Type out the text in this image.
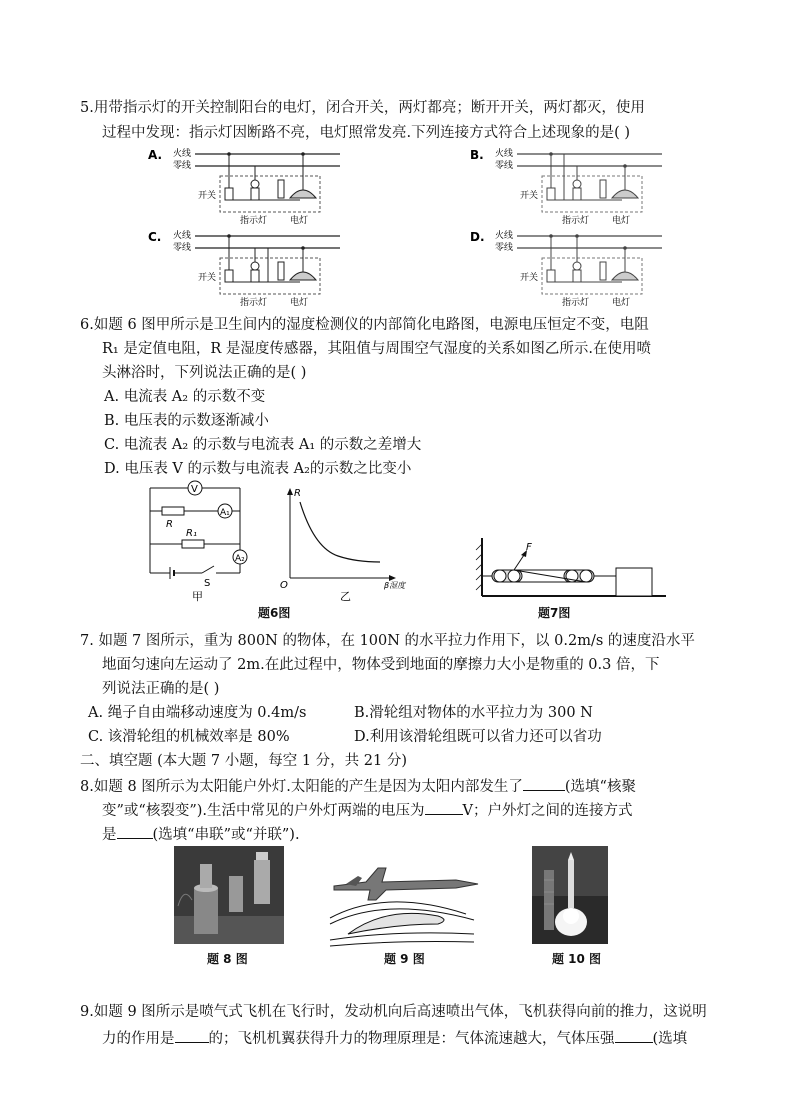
5.用带指示灯的开关控制阳台的电灯，闭合开关，两灯都亮；断开开关，两灯都灭，使用
过程中发现：指示灯因断路不亮，电灯照常发亮.下列连接方式符合上述现象的是( )
A. 火线
零线
开关
指示灯	电灯
B. 火线
零线
开关
指示灯	电灯
C. 火线
零线
开关
指示灯	电灯
D. 火线
零线
开关
指示灯	电灯
6.如题 6 图甲所示是卫生间内的湿度检测仪的内部简化电路图，电源电压恒定不变，电阻
R₁ 是定值电阻，R 是湿度传感器，其阻值与周围空气湿度的关系如图乙所示.在使用喷
头淋浴时，下列说法正确的是( )
A. 电流表 A₂ 的示数不变
B. 电压表的示数逐渐减小
C. 电流表 A₂ 的示数与电流表 A₁ 的示数之差增大
D. 电压表 V 的示数与电流表 A₂的示数之比变小
V
R
A₁
R₁
A₂
S
甲
R
O	β湿度
乙
题6图
F
题7图
7. 如题 7 图所示，重为 800N 的物体，在 100N 的水平拉力作用下，以 0.2m/s 的速度沿水平
地面匀速向左运动了 2m.在此过程中，物体受到地面的摩擦力大小是物重的 0.3 倍，下
列说法正确的是( )
A. 绳子自由端移动速度为 0.4m/s	B.滑轮组对物体的水平拉力为 300 N
C. 该滑轮组的机械效率是 80%	D.利用该滑轮组既可以省力还可以省功
二、填空题 (本大题 7 小题，每空 1 分，共 21 分)
8.如题 8 图所示为太阳能户外灯.太阳能的产生是因为太阳内部发生了	(选填“核聚
变”或“核裂变”).生活中常见的户外灯两端的电压为	V；户外灯之间的连接方式
是 (选填“串联”或“并联”).
题 8 图	题 9 图	题 10 图
9.如题 9 图所示是喷气式飞机在飞行时，发动机向后高速喷出气体，飞机获得向前的推力，这说明
力的作用是 的；飞机机翼获得升力的物理原理是：气体流速越大，气体压强	(选填
